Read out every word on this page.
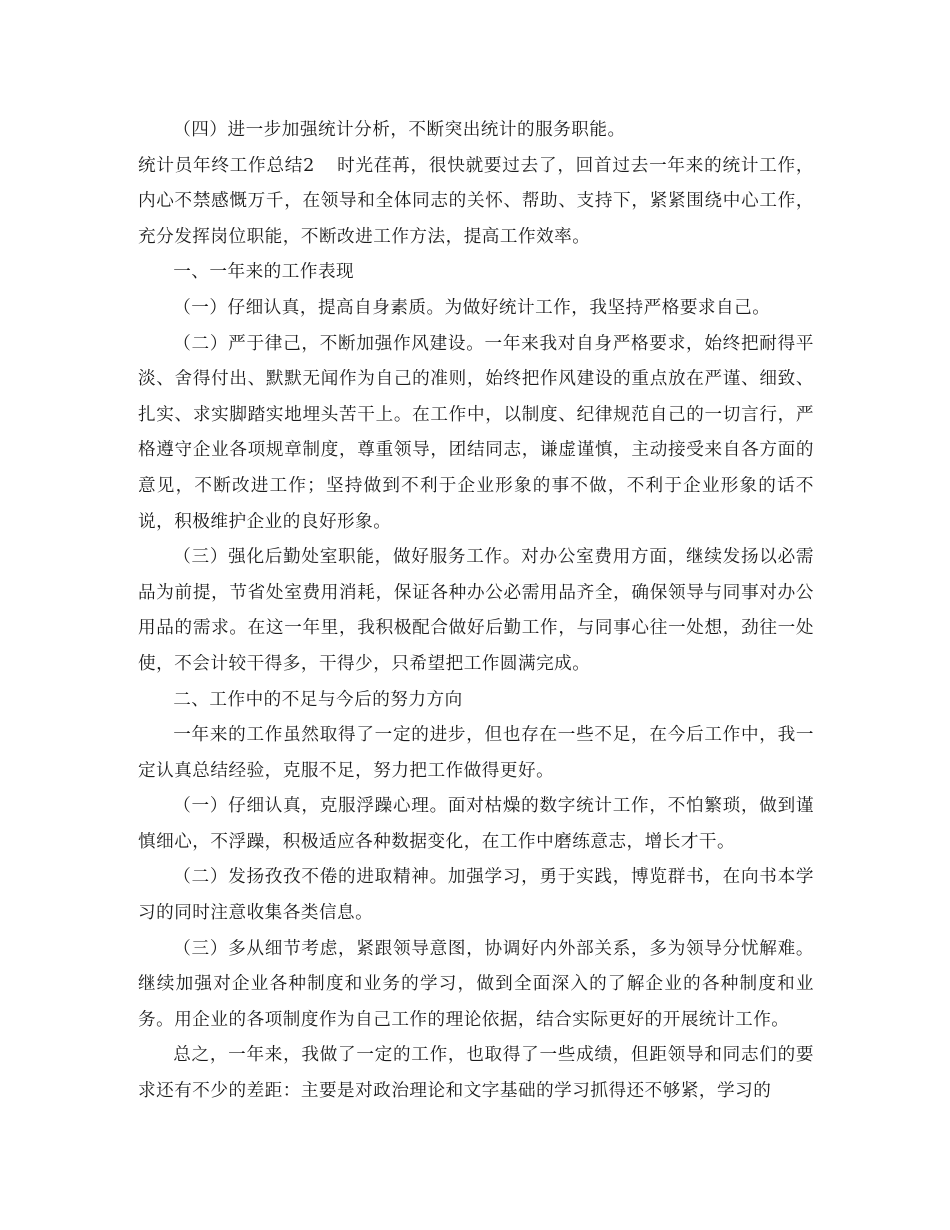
（四）进一步加强统计分析，不断突出统计的服务职能。

统计员年终工作总结2 时光荏苒，很快就要过去了，回首过去一年来的统计工作，内心不禁感慨万千，在领导和全体同志的关怀、帮助、支持下，紧紧围绕中心工作，充分发挥岗位职能，不断改进工作方法，提高工作效率。

一、一年来的工作表现

（一）仔细认真，提高自身素质。为做好统计工作，我坚持严格要求自己。

（二）严于律己，不断加强作风建设。一年来我对自身严格要求，始终把耐得平淡、舍得付出、默默无闻作为自己的准则，始终把作风建设的重点放在严谨、细致、扎实、求实脚踏实地埋头苦干上。在工作中，以制度、纪律规范自己的一切言行，严格遵守企业各项规章制度，尊重领导，团结同志，谦虚谨慎，主动接受来自各方面的意见，不断改进工作；坚持做到不利于企业形象的事不做，不利于企业形象的话不说，积极维护企业的良好形象。

（三）强化后勤处室职能，做好服务工作。对办公室费用方面，继续发扬以必需品为前提，节省处室费用消耗，保证各种办公必需用品齐全，确保领导与同事对办公用品的需求。在这一年里，我积极配合做好后勤工作，与同事心往一处想，劲往一处使，不会计较干得多，干得少，只希望把工作圆满完成。

二、工作中的不足与今后的努力方向

一年来的工作虽然取得了一定的进步，但也存在一些不足，在今后工作中，我一定认真总结经验，克服不足，努力把工作做得更好。

（一）仔细认真，克服浮躁心理。面对枯燥的数字统计工作，不怕繁琐，做到谨慎细心，不浮躁，积极适应各种数据变化，在工作中磨练意志，增长才干。

（二）发扬孜孜不倦的进取精神。加强学习，勇于实践，博览群书，在向书本学习的同时注意收集各类信息。

（三）多从细节考虑，紧跟领导意图，协调好内外部关系，多为领导分忧解难。继续加强对企业各种制度和业务的学习，做到全面深入的了解企业的各种制度和业务。用企业的各项制度作为自己工作的理论依据，结合实际更好的开展统计工作。

总之，一年来，我做了一定的工作，也取得了一些成绩，但距领导和同志们的要求还有不少的差距：主要是对政治理论和文字基础的学习抓得还不够紧，学习的
